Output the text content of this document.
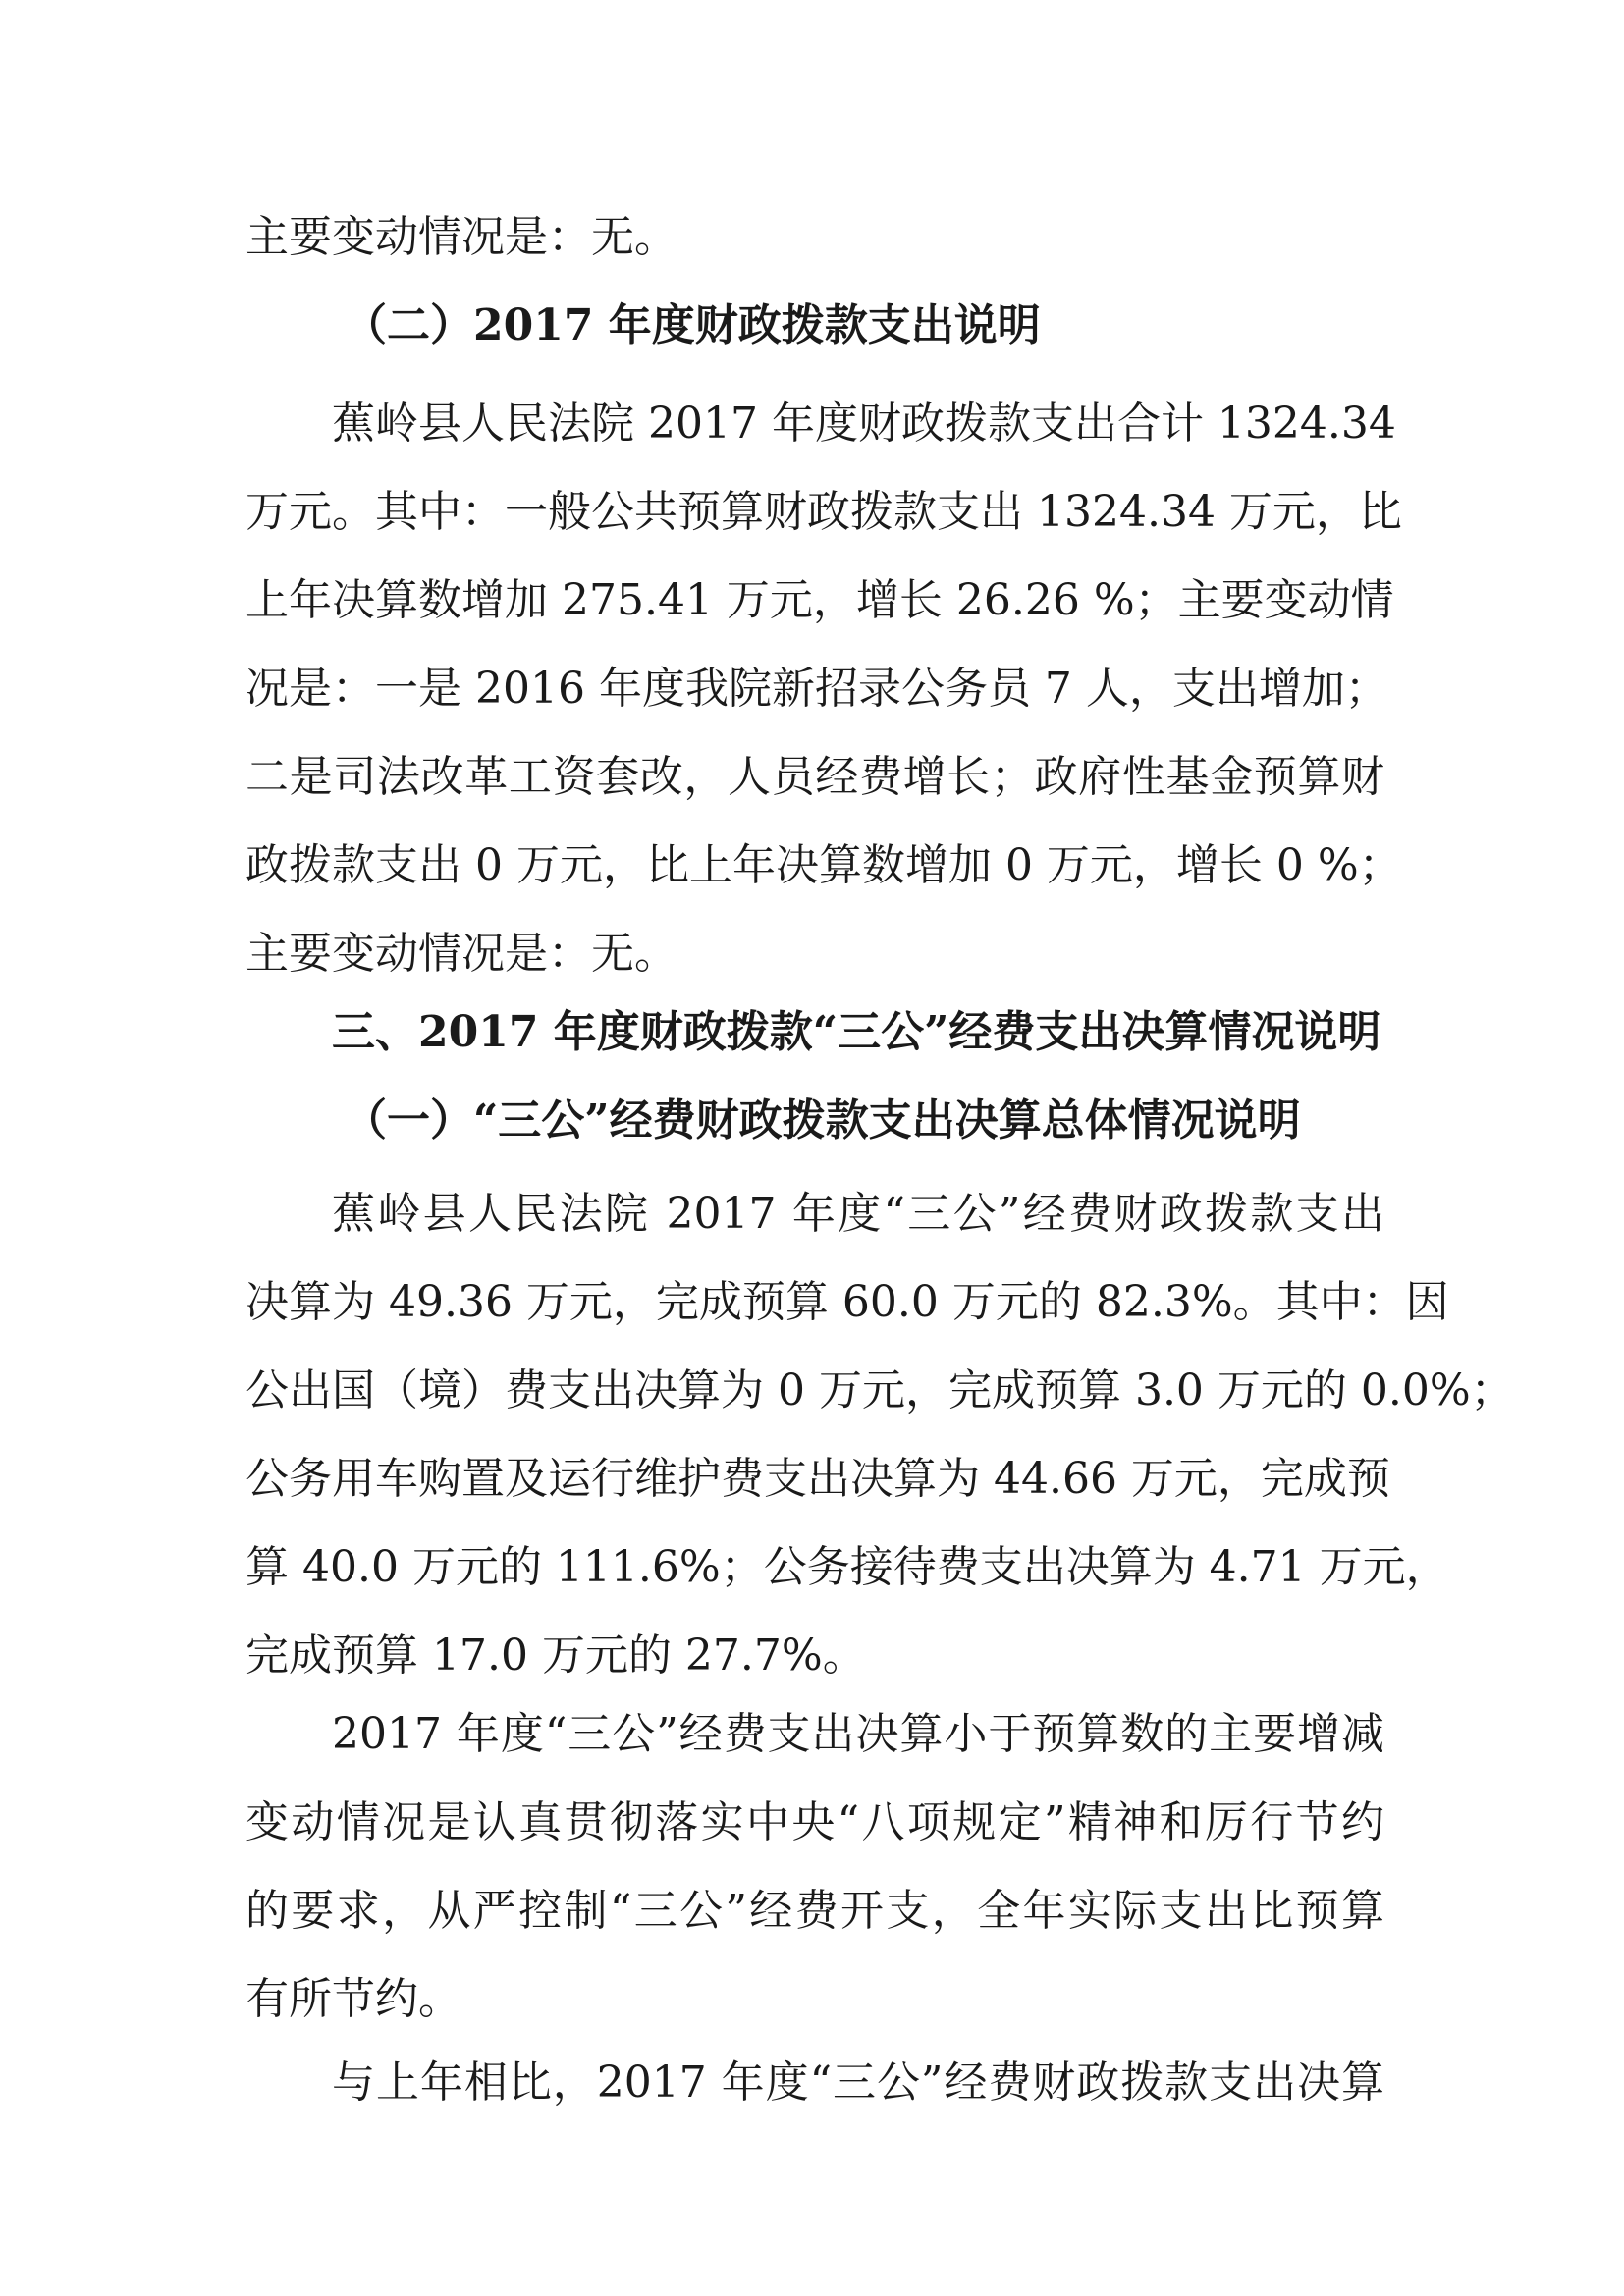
主要变动情况是：无。
（二）2017 年度财政拨款支出说明
蕉岭县人民法院 2017 年度财政拨款支出合计 1324.34
万元。其中：一般公共预算财政拨款支出 1324.34 万元，比
上年决算数增加 275.41 万元，增长 26.26 %；主要变动情
况是：一是 2016 年度我院新招录公务员 7 人，支出增加；
二是司法改革工资套改，人员经费增长；政府性基金预算财
政拨款支出 0 万元，比上年决算数增加 0 万元，增长 0 %；
主要变动情况是：无。
三、2017 年度财政拨款“三公”经费支出决算情况说明
（一）“三公”经费财政拨款支出决算总体情况说明
蕉岭县人民法院 2017 年度“三公”经费财政拨款支出
决算为 49.36 万元，完成预算 60.0 万元的 82.3%。其中：因
公出国（境）费支出决算为 0 万元，完成预算 3.0 万元的 0.0%；
公务用车购置及运行维护费支出决算为 44.66 万元，完成预
算 40.0 万元的 111.6%；公务接待费支出决算为 4.71 万元，
完成预算 17.0 万元的 27.7%。
2017 年度“三公”经费支出决算小于预算数的主要增减
变动情况是认真贯彻落实中央“八项规定”精神和厉行节约
的要求，从严控制“三公”经费开支，全年实际支出比预算
有所节约。
与上年相比，2017 年度“三公”经费财政拨款支出决算
